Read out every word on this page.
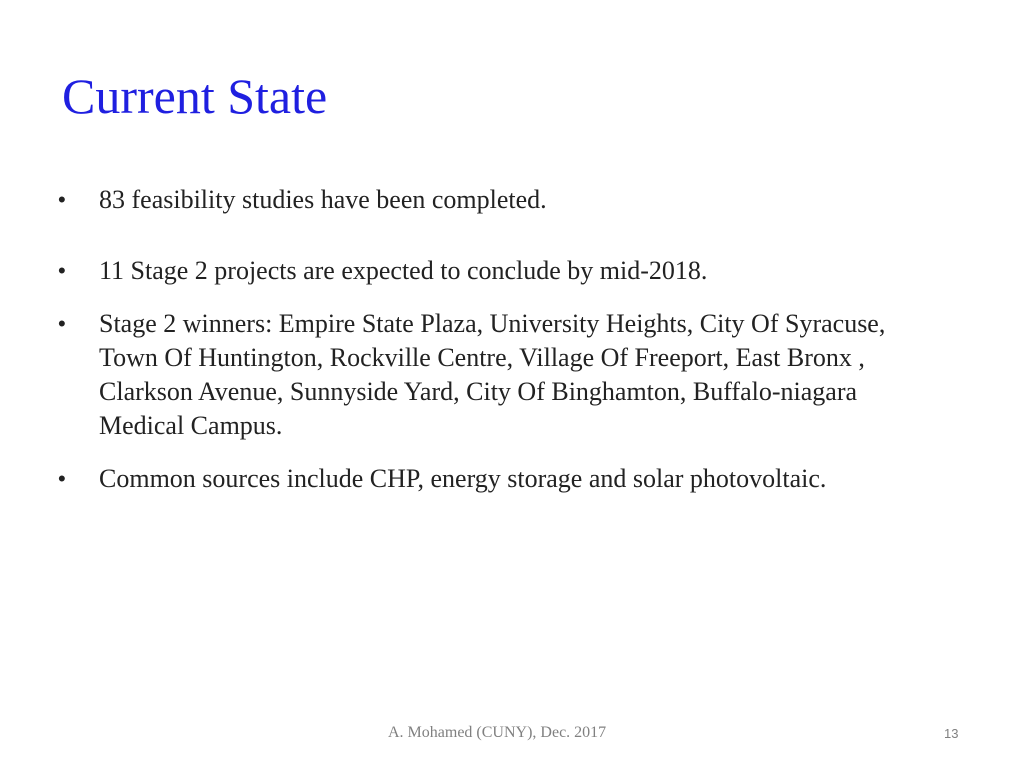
Current State
•	83 feasibility studies have been completed.
•	11 Stage 2 projects are expected to conclude by mid-2018.
•	Stage 2 winners: Empire State Plaza, University Heights, City Of Syracuse, Town Of Huntington, Rockville Centre, Village Of Freeport, East Bronx , Clarkson Avenue, Sunnyside Yard, City Of Binghamton, Buffalo-niagara Medical Campus.
•	Common sources include CHP, energy storage and solar photovoltaic.
A. Mohamed (CUNY), Dec. 2017	13
